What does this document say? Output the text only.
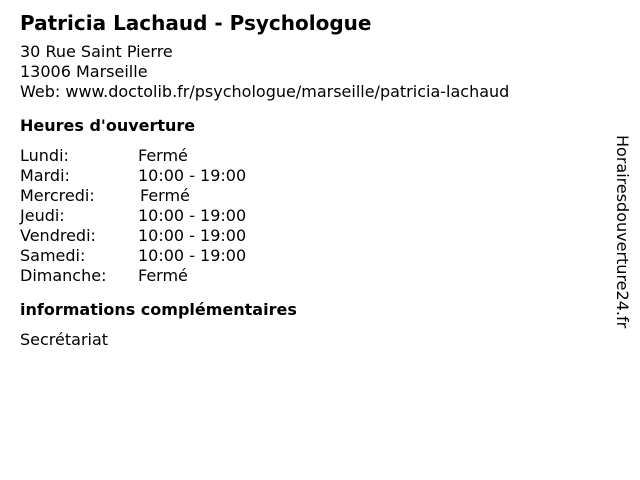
Patricia Lachaud - Psychologue
30 Rue Saint Pierre
13006 Marseille
Web: www.doctolib.fr/psychologue/marseille/patricia-lachaud
Heures d'ouverture
Lundi:	Fermé
Mardi:	10:00 - 19:00
Mercredi:	Fermé
Jeudi:	10:00 - 19:00
Vendredi:	10:00 - 19:00
Samedi:	10:00 - 19:00
Dimanche: Fermé
informations complémentaires
Secrétariat
Horairesdouverture24.fr
